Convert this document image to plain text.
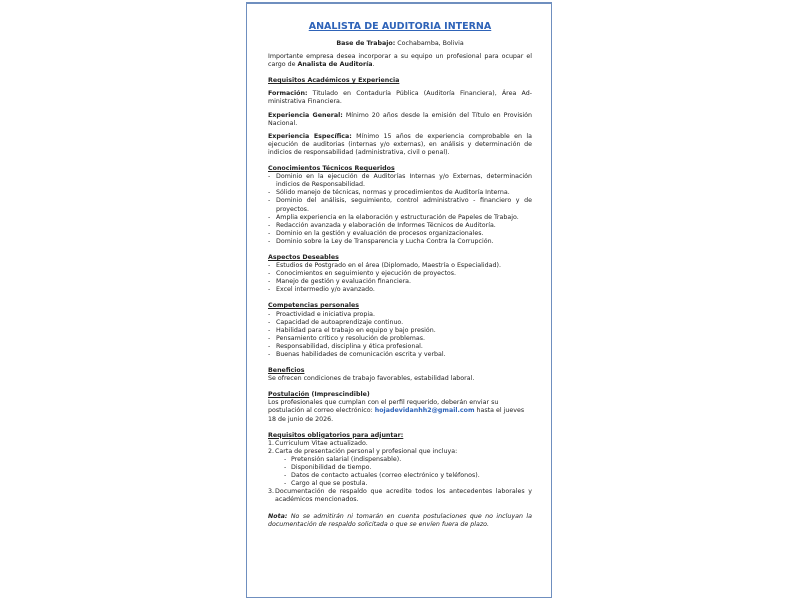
ANALISTA DE AUDITORIA INTERNA

Base de Trabajo: Cochabamba, Bolivia

Importante empresa desea incorporar a su equipo un profesional para ocupar el cargo de Analista de Auditoría.

Requisitos Académicos y Experiencia

Formación: Titulado en Contaduría Pública (Auditoría Financiera), Área Administrativa Financiera.

Experiencia General: Mínimo 20 años desde la emisión del Título en Provisión Nacional.

Experiencia Específica: Mínimo 15 años de experiencia comprobable en la ejecución de auditorias (internas y/o externas), en análisis y determinación de indicios de responsabilidad (administrativa, civil o penal).

Conocimientos Técnicos Requeridos

- Dominio en la ejecución de Auditorías Internas y/o Externas, determinación indicios de Responsabilidad.
- Sólido manejo de técnicas, normas y procedimientos de Auditoría Interna.
- Dominio del análisis, seguimiento, control administrativo - financiero y de proyectos.
- Amplia experiencia en la elaboración y estructuración de Papeles de Trabajo.
- Redacción avanzada y elaboración de Informes Técnicos de Auditoría.
- Dominio en la gestión y evaluación de procesos organizacionales.
- Dominio sobre la Ley de Transparencia y Lucha Contra la Corrupción.

Aspectos Deseables

- Estudios de Postgrado en el área (Diplomado, Maestría o Especialidad).
- Conocimientos en seguimiento y ejecución de proyectos.
- Manejo de gestión y evaluación financiera.
- Excel intermedio y/o avanzado.

Competencias personales

- Proactividad e iniciativa propia.
- Capacidad de autoaprendizaje continuo.
- Habilidad para el trabajo en equipo y bajo presión.
- Pensamiento crítico y resolución de problemas.
- Responsabilidad, disciplina y ética profesional.
- Buenas habilidades de comunicación escrita y verbal.

Beneficios

Se ofrecen condiciones de trabajo favorables, estabilidad laboral.

Postulación (Imprescindible)

Los profesionales que cumplan con el perfil requerido, deberán enviar su postulación al correo electrónico: hojadevidanhh2@gmail.com hasta el jueves 18 de junio de 2026.

Requisitos obligatorios para adjuntar:

1. Curriculum Vitae actualizado.
2. Carta de presentación personal y profesional que incluya:
- Pretensión salarial (indispensable).
- Disponibilidad de tiempo.
- Datos de contacto actuales (correo electrónico y teléfonos).
- Cargo al que se postula.
3. Documentación de respaldo que acredite todos los antecedentes laborales y académicos mencionados.

Nota: No se admitirán ni tomarán en cuenta postulaciones que no incluyan la documentación de respaldo solicitada o que se envíen fuera de plazo.
